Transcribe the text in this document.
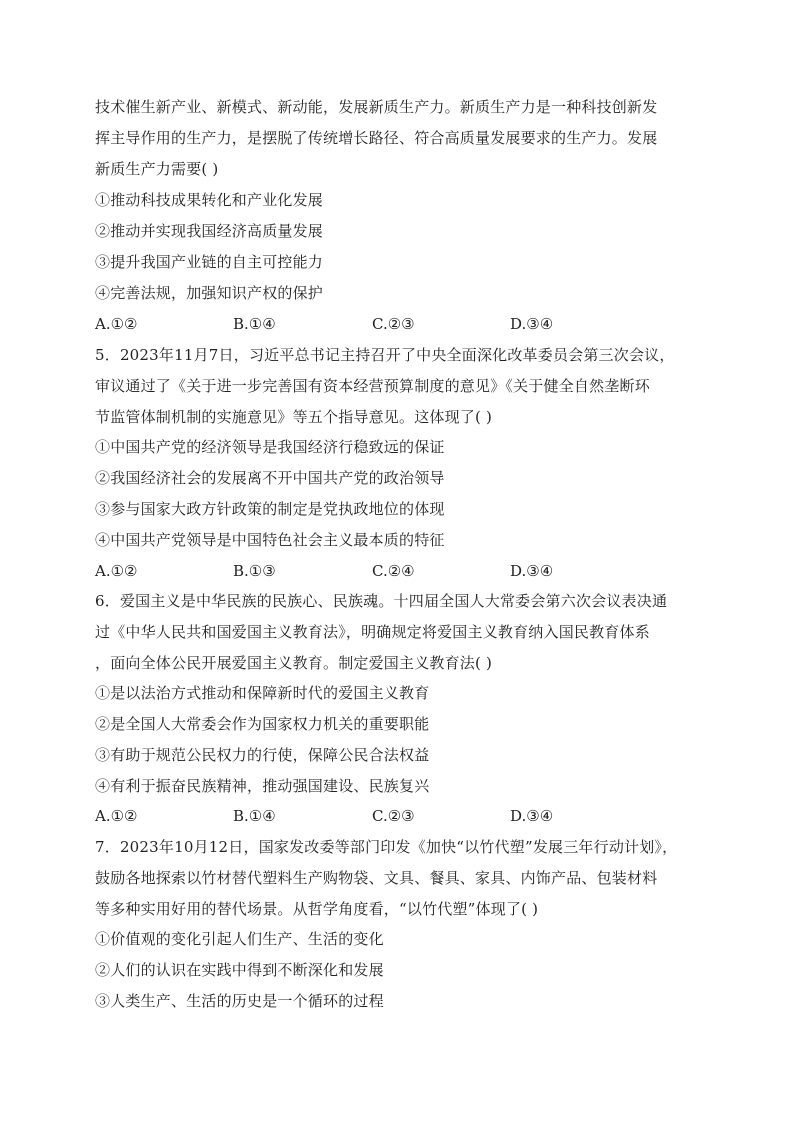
技术催生新产业、新模式、新动能，发展新质生产力。新质生产力是一种科技创新发
挥主导作用的生产力，是摆脱了传统增长路径、符合高质量发展要求的生产力。发展
新质生产力需要( )
①推动科技成果转化和产业化发展
②推动并实现我国经济高质量发展
③提升我国产业链的自主可控能力
④完善法规，加强知识产权的保护
A.①②	B.①④	C.②③	D.③④
5．2023年11月7日，习近平总书记主持召开了中央全面深化改革委员会第三次会议，
审议通过了《关于进一步完善国有资本经营预算制度的意见》《关于健全自然垄断环
节监管体制机制的实施意见》等五个指导意见。这体现了( )
①中国共产党的经济领导是我国经济行稳致远的保证
②我国经济社会的发展离不开中国共产党的政治领导
③参与国家大政方针政策的制定是党执政地位的体现
④中国共产党领导是中国特色社会主义最本质的特征
A.①②	B.①③	C.②④	D.③④
6．爱国主义是中华民族的民族心、民族魂。十四届全国人大常委会第六次会议表决通
过《中华人民共和国爱国主义教育法》，明确规定将爱国主义教育纳入国民教育体系
，面向全体公民开展爱国主义教育。制定爱国主义教育法( )
①是以法治方式推动和保障新时代的爱国主义教育
②是全国人大常委会作为国家权力机关的重要职能
③有助于规范公民权力的行使，保障公民合法权益
④有利于振奋民族精神，推动强国建设、民族复兴
A.①②	B.①④	C.②③	D.③④
7．2023年10月12日，国家发改委等部门印发《加快“以竹代塑”发展三年行动计划》，
鼓励各地探索以竹材替代塑料生产购物袋、文具、餐具、家具、内饰产品、包装材料
等多种实用好用的替代场景。从哲学角度看，“以竹代塑”体现了( )
①价值观的变化引起人们生产、生活的变化
②人们的认识在实践中得到不断深化和发展
③人类生产、生活的历史是一个循环的过程
